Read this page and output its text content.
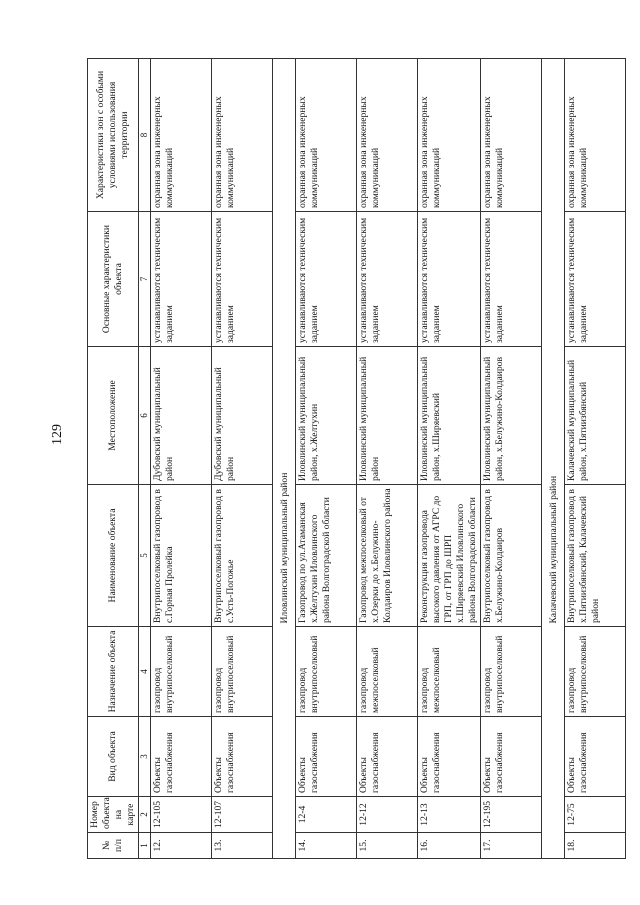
129
№ п/п	Номер объекта на карте	Вид объекта	Назначение объекта	Наименование объекта	Местоположение	Основные характеристики объекта	Характеристики зон с особыми условиями использования территории
1	2	3	4	5	6	7	8
12.	12-105	Объекты газоснабжения	газопровод внутрипоселковый	Внутрипоселковый газопровод в с.Горная Пролейка	Дубовский муниципальный район	устанавливаются техническим заданием	охранная зона инженерных коммуникаций
13.	12-107	Объекты газоснабжения	газопровод внутрипоселковый	Внутрипоселковый газопровод в с.Усть-Погожье	Дубовский муниципальный район	устанавливаются техническим заданием	охранная зона инженерных коммуникаций
				Иловлинский муниципальный район			
14.	12-4	Объекты газоснабжения	газопровод внутрипоселковый	Газопровод по ул.Атаманская х.Желтухин Иловлинского района Волгоградской области	Иловлинский муниципальный район, х.Желтухин	устанавливаются техническим заданием	охранная зона инженерных коммуникаций
15.	12-12	Объекты газоснабжения	газопровод межпоселковый	Газопровод межпоселковый от х.Озерки до х.Белужино-Колдаиров Иловлинского района	Иловлинский муниципальный район	устанавливаются техническим заданием	охранная зона инженерных коммуникаций
16.	12-13	Объекты газоснабжения	газопровод межпоселковый	Реконструкция газопровода высокого давления от АГРС до ГРП, от ГРП до ШРП х.Ширяевский Иловлинского района Волгоградской области	Иловлинский муниципальный район, х.Ширяевский	устанавливаются техническим заданием	охранная зона инженерных коммуникаций
17.	12-195	Объекты газоснабжения	газопровод внутрипоселковый	Внутрипоселковый газопровод в х.Белужино-Колдаиров	Иловлинский муниципальный район, х.Белужино-Колдаиров	устанавливаются техническим заданием	охранная зона инженерных коммуникаций
				Калачевский муниципальный район			
18.	12-75	Объекты газоснабжения	газопровод внутрипоселковый	Внутрипоселковый газопровод в х.Пятиизбянский, Калачевский район	Калачевский муниципальный район, х.Пятиизбянский	устанавливаются техническим заданием	охранная зона инженерных коммуникаций
